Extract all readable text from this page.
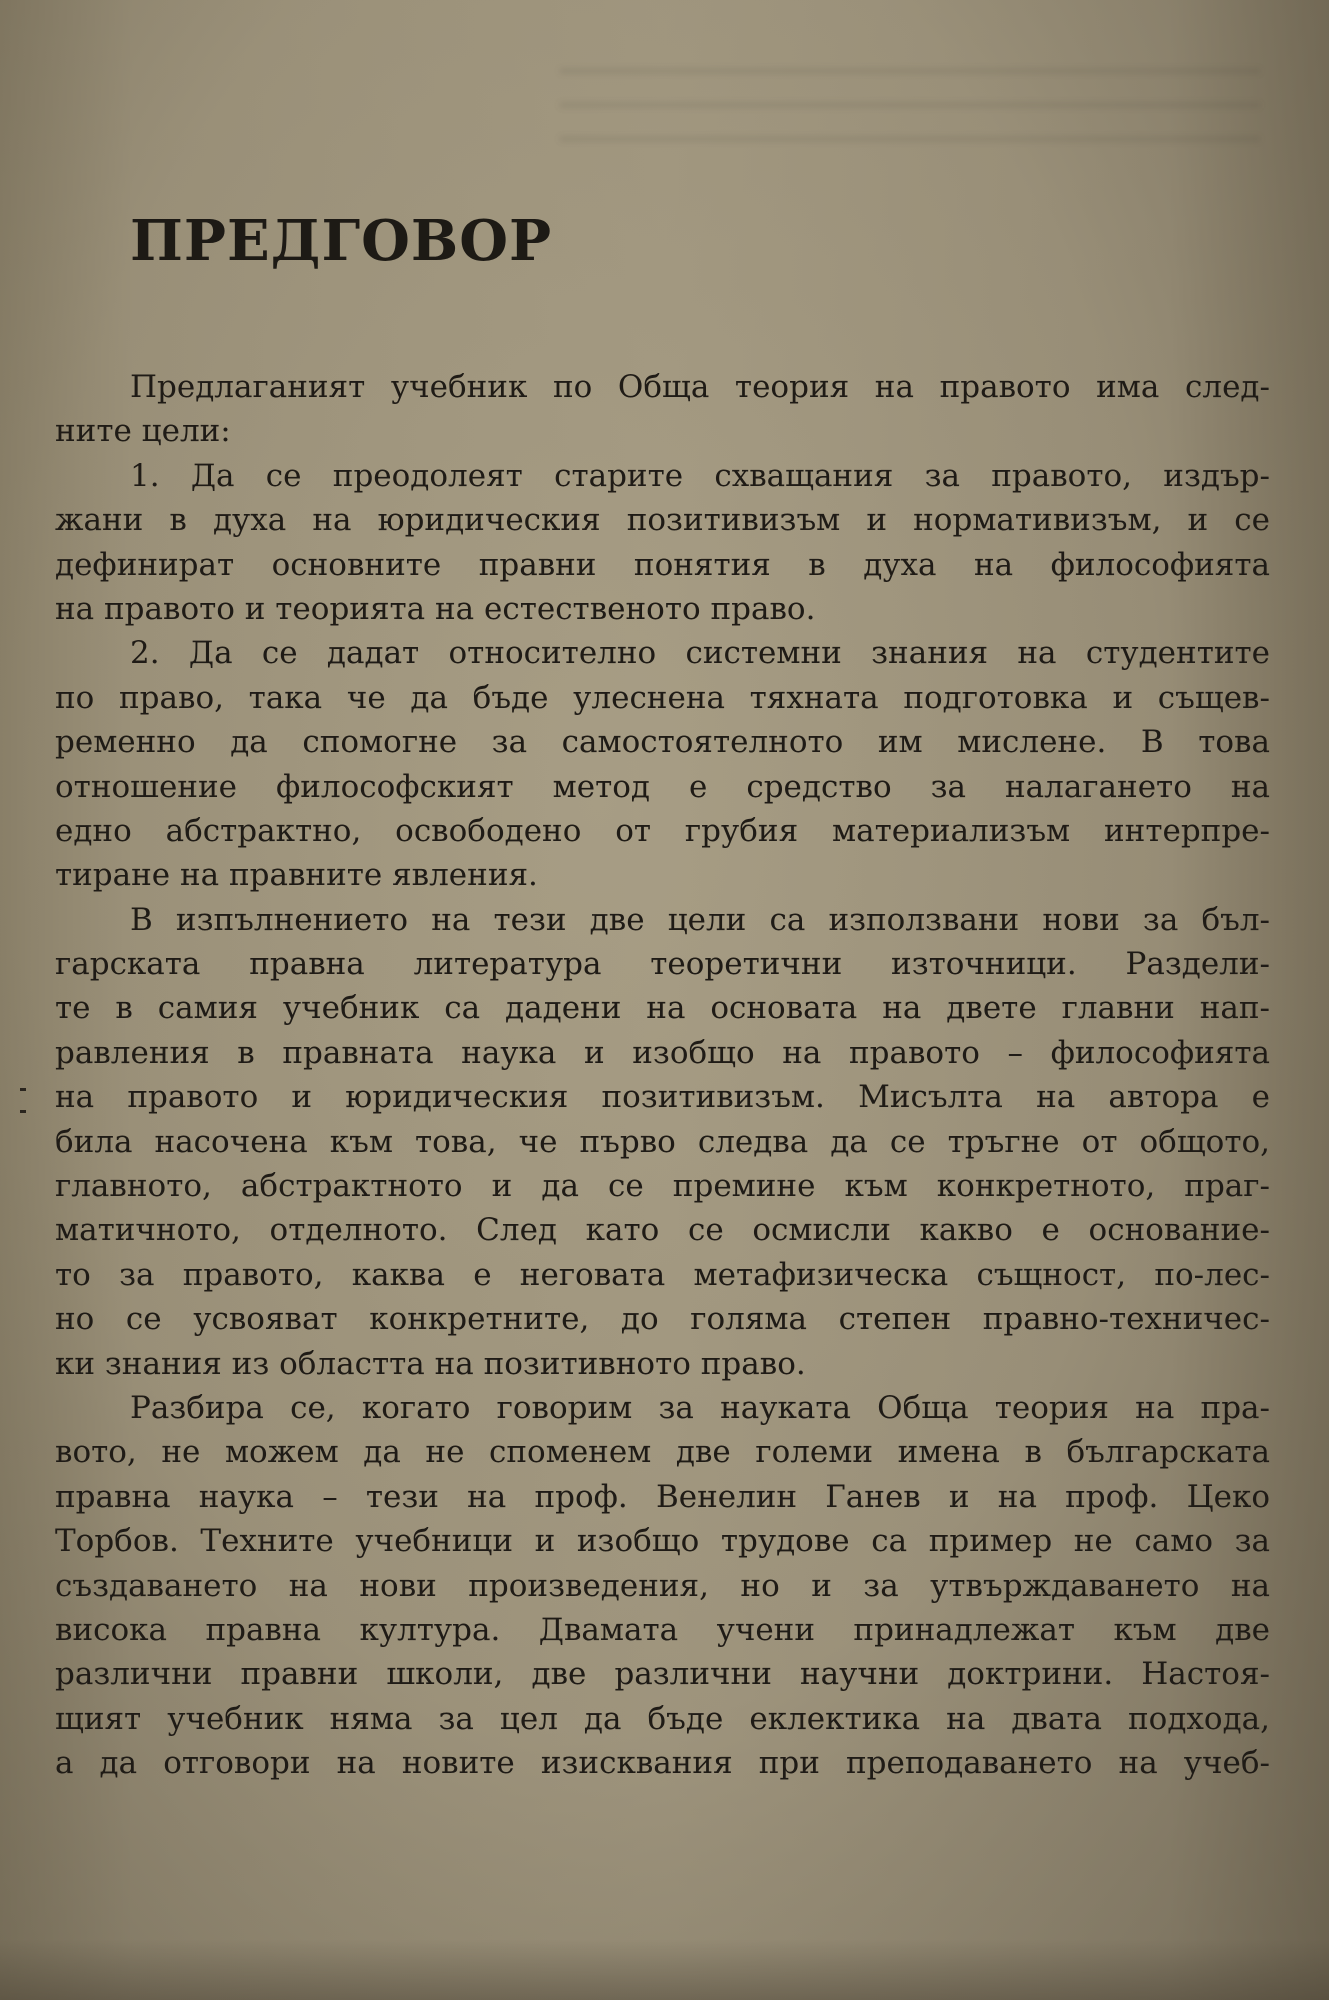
ПРЕДГОВОР
Предлаганият учебник по Обща теория на правото има след-
ните цели:
1. Да се преодолеят старите схващания за правото, издър-
жани в духа на юридическия позитивизъм и нормативизъм, и се
дефинират основните правни понятия в духа на философията
на правото и теорията на естественото право.
2. Да се дадат относително системни знания на студентите
по право, така че да бъде улеснена тяхната подготовка и същев-
ременно да спомогне за самостоятелното им мислене. В това
отношение философският метод е средство за налагането на
едно абстрактно, освободено от грубия материализъм интерпре-
тиране на правните явления.
В изпълнението на тези две цели са използвани нови за бъл-
гарската правна литература теоретични източници. Раздели-
те в самия учебник са дадени на основата на двете главни нап-
равления в правната наука и изобщо на правото – философията
на правото и юридическия позитивизъм. Мисълта на автора е
била насочена към това, че първо следва да се тръгне от общото,
главното, абстрактното и да се премине към конкретното, праг-
матичното, отделното. След като се осмисли какво е основание-
то за правото, каква е неговата метафизическа същност, по-лес-
но се усвояват конкретните, до голяма степен правно-техничес-
ки знания из областта на позитивното право.
Разбира се, когато говорим за науката Обща теория на пра-
вото, не можем да не споменем две големи имена в българската
правна наука – тези на проф. Венелин Ганев и на проф. Цеко
Торбов. Техните учебници и изобщо трудове са пример не само за
създаването на нови произведения, но и за утвърждаването на
висока правна култура. Двамата учени принадлежат към две
различни правни школи, две различни научни доктрини. Настоя-
щият учебник няма за цел да бъде еклектика на двата подхода,
а да отговори на новите изисквания при преподаването на учеб-
